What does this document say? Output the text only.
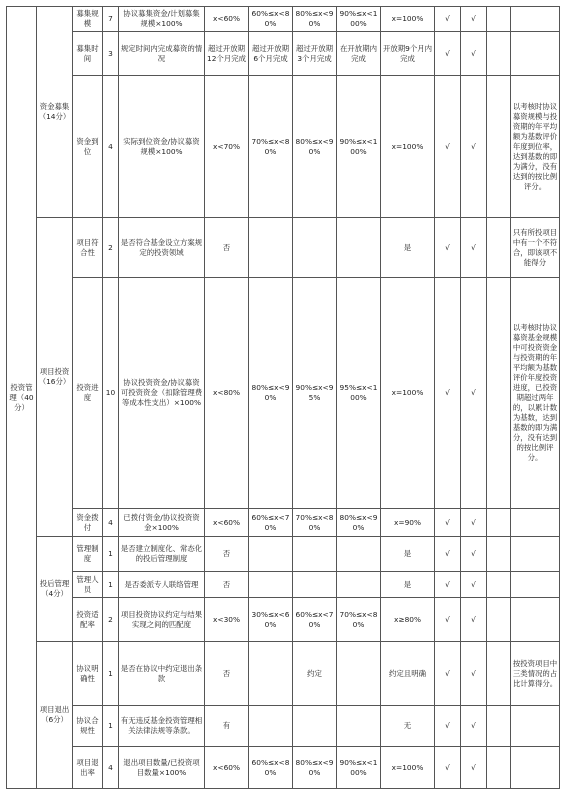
投资管理（40分）	资金募集（14分）	募集规模	7	协议募集资金/计划募集规模×100%	x<60%	60%≤x<80%	80%≤x<90%	90%≤x<100%	x=100%	√	√		
		募集时间	3	规定时间内完成募资的情况	超过开放期12个月完成	超过开放期6个月完成	超过开放期3个月完成	在开放期内完成	开放期9个月内完成	√	√		
		资金到位	4	实际到位资金/协议募资规模×100%	x<70%	70%≤x<80%	80%≤x<90%	90%≤x<100%	x=100%	√	√		以考核时协议募资规模与投资期的年平均额为基数评价年度到位率，达到基数的即为满分，没有达到的按比例评分。
	项目投资（16分）	项目符合性	2	是否符合基金设立方案规定的投资领域	否				是	√	√		只有所投项目中有一个不符合，即该项不能得分
		投资进度	10	协议投资资金/协议募资可投资资金（扣除管理费等成本性支出）×100%	x<80%	80%≤x<90%	90%≤x<95%	95%≤x<100%	x=100%	√	√		以考核时协议募资基金规模中可投资资金与投资期的年平均额为基数评价年度投资进度，已投资期超过两年的，以累计数为基数，达到基数的即为满分，没有达到的按比例评分。
		资金拨付	4	已拨付资金/协议投资资金×100%	x<60%	60%≤x<70%	70%≤x<80%	80%≤x<90%	x=90%	√	√		
	投后管理（4分）	管理制度	1	是否建立制度化、常态化的投后管理制度	否				是	√	√		
		管理人员	1	是否委派专人联络管理	否				是	√	√		
		投资适配率	2	项目投资协议约定与结果实现之间的匹配度	x<30%	30%≤x<60%	60%≤x<70%	70%≤x<80%	x≥80%	√	√		
	项目退出（6分）	协议明确性	1	是否在协议中约定退出条款	否		约定		约定且明确	√	√		按投资项目中三类情况的占比计算得分。
		协议合规性	1	有无违反基金投资管理相关法律法规等条款。	有				无	√	√		
		项目退出率	4	退出项目数量/已投资项目数量×100%	x<60%	60%≤x<80%	80%≤x<90%	90%≤x<100%	x=100%	√	√		
